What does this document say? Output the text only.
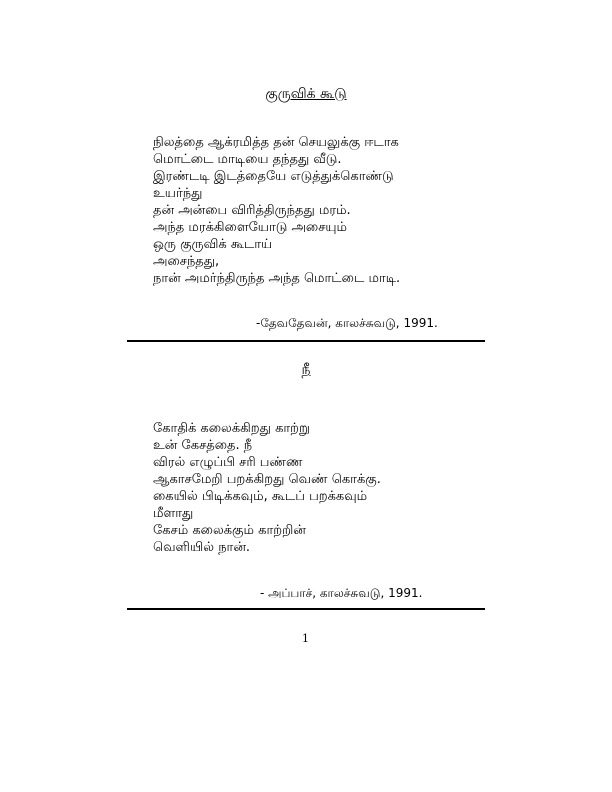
குருவிக் கூடு
நிலத்தை ஆக்ரமித்த தன் செயலுக்கு ஈடாக
மொட்டை மாடியை தந்தது வீடு.
இரண்டடி இடத்தையே எடுத்துக்கொண்டு
உயர்ந்து
தன் அன்பை விரித்திருந்தது மரம்.
அந்த மரக்கிளையோடு அசையும்
ஒரு குருவிக் கூடாய்
அசைந்தது,
நான் அமர்ந்திருந்த அந்த மொட்டை மாடி.
-தேவதேவன், காலச்சுவடு, 1991.
நீ
கோதிக் கலைக்கிறது காற்று
உன் கேசத்தை. நீ
விரல் எழுப்பி சரி பண்ண
ஆகாசமேறி பறக்கிறது வெண் கொக்கு.
கையில் பிடிக்கவும், கூடப் பறக்கவும்
மீளாது
கேசம் கலைக்கும் காற்றின்
வெளியில் நான்.
- அப்பாச், காலச்சுவடு, 1991.
1
